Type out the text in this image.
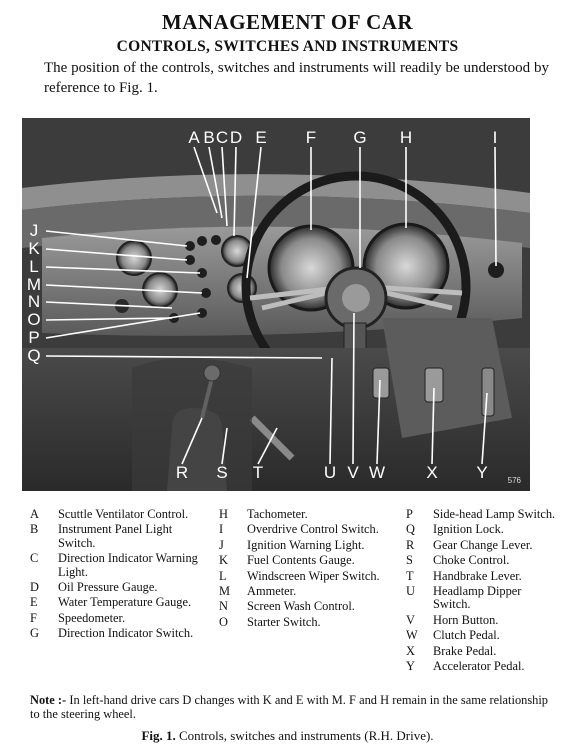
MANAGEMENT OF CAR
CONTROLS, SWITCHES AND INSTRUMENTS
The position of the controls, switches and instruments will readily be understood by reference to Fig. 1.
A B C D E F G H	I
J
K
L
M
N
O
P
Q
R S T	U V W X Y 576
A	Scuttle Ventilator Control.
B	Instrument Panel Light Switch.
C	Direction Indicator Warning Light.
D	Oil Pressure Gauge.
E	Water Temperature Gauge.
F	Speedometer.
G	Direction Indicator Switch.
H	Tachometer.
I	Overdrive Control Switch.
J	Ignition Warning Light.
K	Fuel Contents Gauge.
L	Windscreen Wiper Switch.
M	Ammeter.
N	Screen Wash Control.
O	Starter Switch.
P	Side-head Lamp Switch.
Q	Ignition Lock.
R	Gear Change Lever.
S	Choke Control.
T	Handbrake Lever.
U	Headlamp Dipper Switch.
V	Horn Button.
W	Clutch Pedal.
X	Brake Pedal.
Y	Accelerator Pedal.
Note :- In left-hand drive cars D changes with K and E with M. F and H remain in the same relationship to the steering wheel.
Fig. 1. Controls, switches and instruments (R.H. Drive).
